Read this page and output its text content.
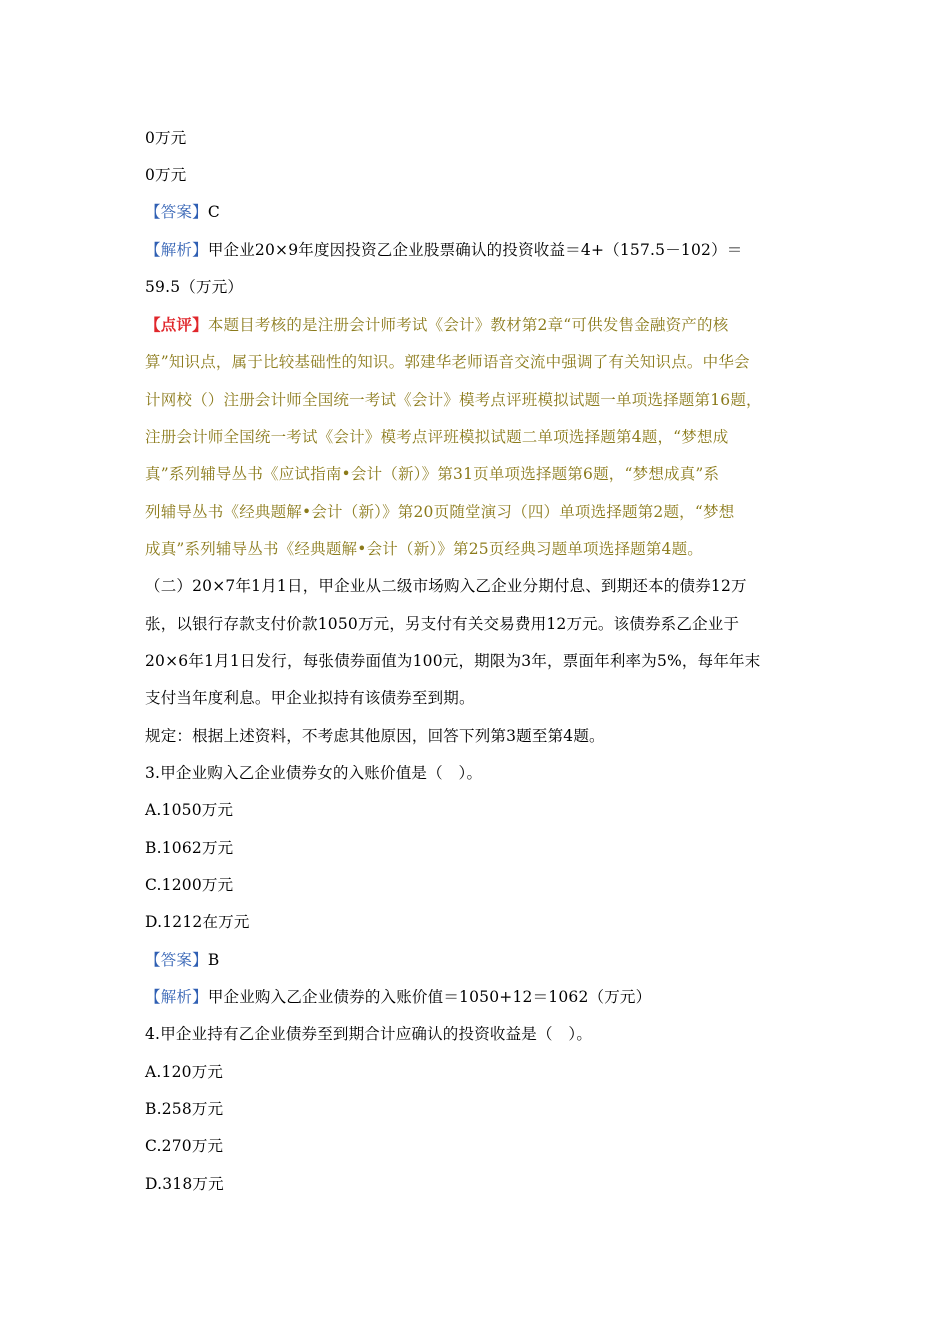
0万元
0万元
【答案】C
【解析】甲企业20×9年度因投资乙企业股票确认的投资收益＝4+（157.5－102）＝
59.5（万元）
【点评】本题目考核的是注册会计师考试《会计》教材第2章“可供发售金融资产的核
算”知识点，属于比较基础性的知识。郭建华老师语音交流中强调了有关知识点。中华会
计网校（）注册会计师全国统一考试《会计》模考点评班模拟试题一单项选择题第16题，
注册会计师全国统一考试《会计》模考点评班模拟试题二单项选择题第4题，“梦想成
真”系列辅导丛书《应试指南•会计（新）》第31页单项选择题第6题，“梦想成真”系
列辅导丛书《经典题解•会计（新）》第20页随堂演习（四）单项选择题第2题，“梦想
成真”系列辅导丛书《经典题解•会计（新）》第25页经典习题单项选择题第4题。
（二）20×7年1月1日，甲企业从二级市场购入乙企业分期付息、到期还本的债券12万
张，以银行存款支付价款1050万元，另支付有关交易费用12万元。该债券系乙企业于
20×6年1月1日发行，每张债券面值为100元，期限为3年，票面年利率为5%，每年年末
支付当年度利息。甲企业拟持有该债券至到期。
规定：根据上述资料，不考虑其他原因，回答下列第3题至第4题。
3.甲企业购入乙企业债券女的入账价值是（　）。
A.1050万元
B.1062万元
C.1200万元
D.1212在万元
【答案】B
【解析】甲企业购入乙企业债券的入账价值＝1050+12＝1062（万元）
4.甲企业持有乙企业债券至到期合计应确认的投资收益是（　）。
A.120万元
B.258万元
C.270万元
D.318万元
